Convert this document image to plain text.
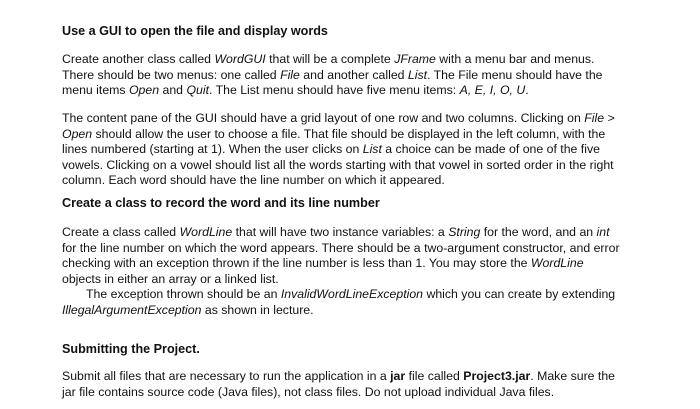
Use a GUI to open the file and display words
Create another class called WordGUI that will be a complete JFrame with a menu bar and menus.
There should be two menus: one called File and another called List. The File menu should have the
menu items Open and Quit. The List menu should have five menu items: A, E, I, O, U.
The content pane of the GUI should have a grid layout of one row and two columns. Clicking on File >
Open should allow the user to choose a file. That file should be displayed in the left column, with the
lines numbered (starting at 1). When the user clicks on List a choice can be made of one of the five
vowels. Clicking on a vowel should list all the words starting with that vowel in sorted order in the right
column. Each word should have the line number on which it appeared.
Create a class to record the word and its line number
Create a class called WordLine that will have two instance variables: a String for the word, and an int
for the line number on which the word appears. There should be a two-argument constructor, and error
checking with an exception thrown if the line number is less than 1. You may store the WordLine
objects in either an array or a linked list.
The exception thrown should be an InvalidWordLineException which you can create by extending
IllegalArgumentException as shown in lecture.
Submitting the Project.
Submit all files that are necessary to run the application in a jar file called Project3.jar. Make sure the
jar file contains source code (Java files), not class files. Do not upload individual Java files.
